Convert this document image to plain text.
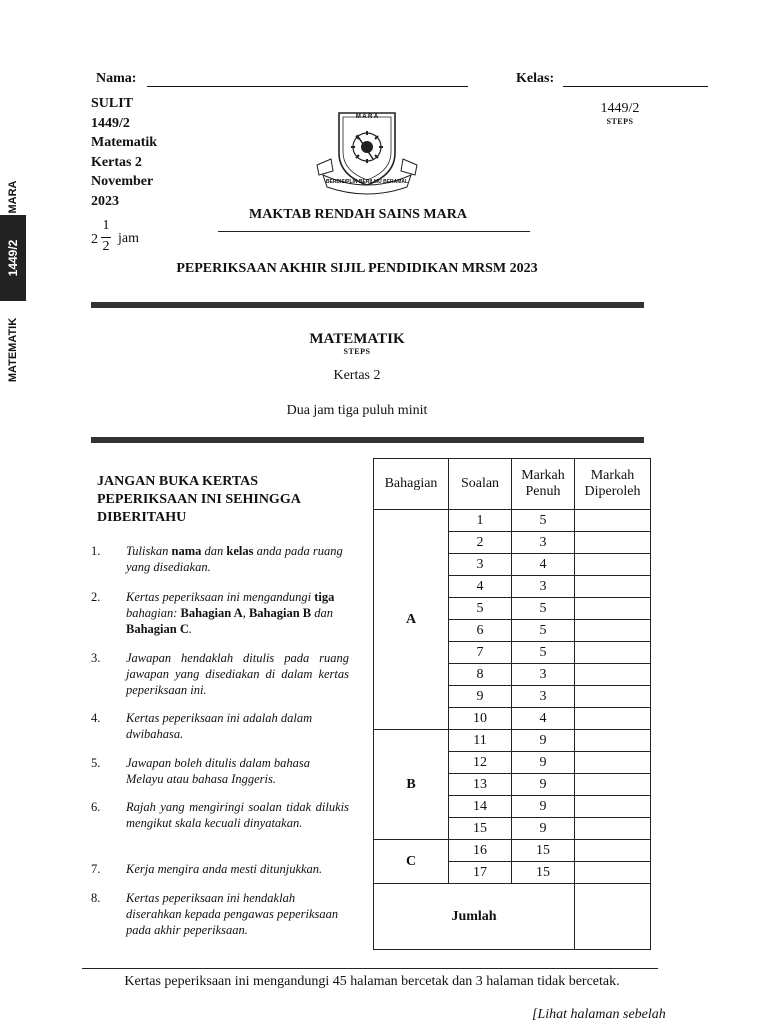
MARA
1449/2
MATEMATIK
Nama:	Kelas:
SULIT
1449/2
Matematik
Kertas 2
November
2023
1449/2
STEPS
M A R A
BERDISIPLIN BERILMU BERAMAL
MAKTAB RENDAH SAINS MARA
2
1
2
jam
PEPERIKSAAN AKHIR SIJIL PENDIDIKAN MRSM 2023
MATEMATIK
STEPS
Kertas 2
Dua jam tiga puluh minit
JANGAN BUKA KERTAS
PEPERIKSAAN INI SEHINGGA
DIBERITAHU
1. Tuliskan nama dan kelas anda pada ruang yang disediakan.
2. Kertas peperiksaan ini mengandungi tiga bahagian: Bahagian A, Bahagian B dan Bahagian C.
3. Jawapan hendaklah ditulis pada ruang jawapan yang disediakan di dalam kertas peperiksaan ini.
4. Kertas peperiksaan ini adalah dalam dwibahasa.
5. Jawapan boleh ditulis dalam bahasa Melayu atau bahasa Inggeris.
6. Rajah yang mengiringi soalan tidak dilukis mengikut skala kecuali dinyatakan.
7. Kerja mengira anda mesti ditunjukkan.
8. Kertas peperiksaan ini hendaklah diserahkan kepada pengawas peperiksaan pada akhir peperiksaan.
Bahagian	Soalan	Markah Penuh	Markah Diperoleh
A	1	5	
	2	3	
	3	4	
	4	3	
	5	5	
	6	5	
	7	5	
	8	3	
	9	3	
	10	4	
B	11	9	
	12	9	
	13	9	
	14	9	
	15	9	
C	16	15	
	17	15	
Jumlah			
Kertas peperiksaan ini mengandungi 45 halaman bercetak dan 3 halaman tidak bercetak.
[Lihat halaman sebelah
